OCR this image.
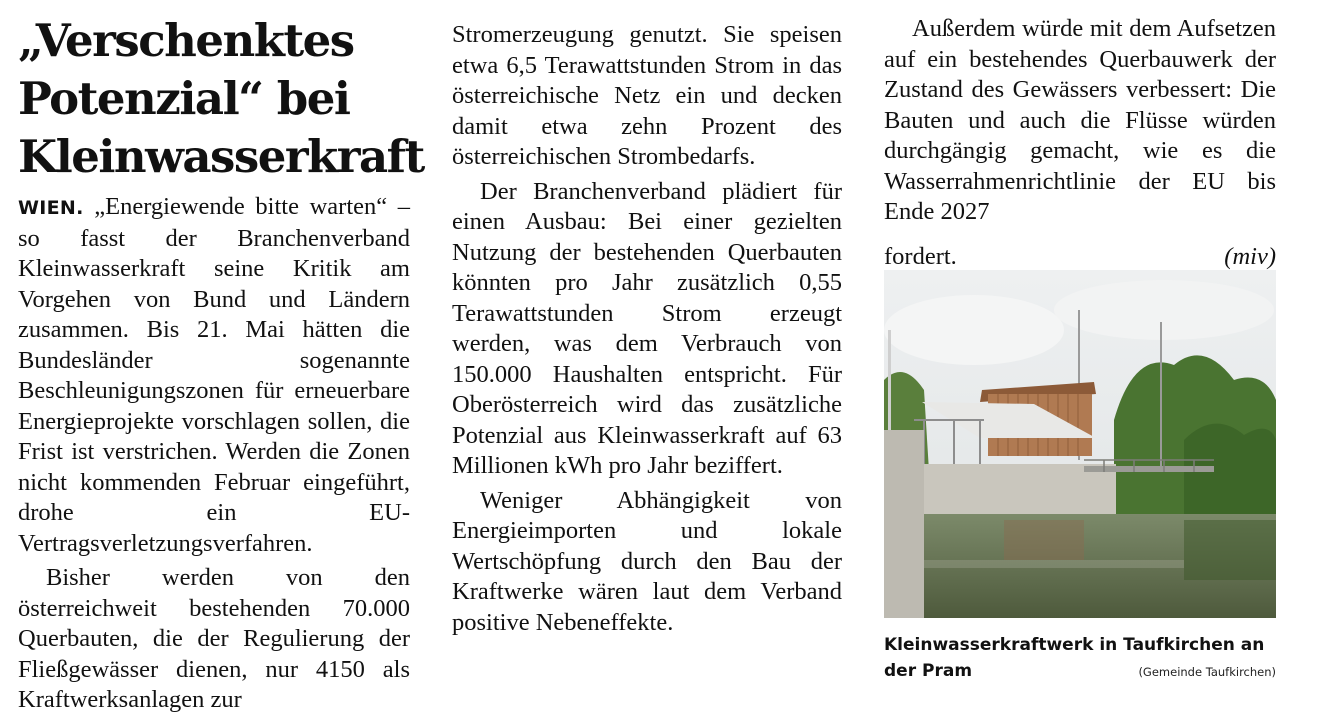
„Verschenktes
Potenzial“ bei
Kleinwasserkraft

WIEN. „Energiewende bitte warten“ – so fasst der Branchenverband Kleinwasserkraft seine Kritik am Vorgehen von Bund und Ländern zusammen. Bis 21. Mai hätten die Bundesländer sogenannte Beschleunigungszonen für erneuerbare Energieprojekte vorschlagen sollen, die Frist ist verstrichen. Werden die Zonen nicht kommenden Februar eingeführt, drohe ein EU-Vertragsverletzungsverfahren.

Bisher werden von den österreichweit bestehenden 70.000 Querbauten, die der Regulierung der Fließgewässer dienen, nur 4150 als Kraftwerksanlagen zur

Stromerzeugung genutzt. Sie speisen etwa 6,5 Terawattstunden Strom in das österreichische Netz ein und decken damit etwa zehn Prozent des österreichischen Strombedarfs.

Der Branchenverband plädiert für einen Ausbau: Bei einer gezielten Nutzung der bestehenden Querbauten könnten pro Jahr zusätzlich 0,55 Terawattstunden Strom erzeugt werden, was dem Verbrauch von 150.000 Haushalten entspricht. Für Oberösterreich wird das zusätzliche Potenzial aus Kleinwasserkraft auf 63 Millionen kWh pro Jahr beziffert.

Weniger Abhängigkeit von Energieimporten und lokale Wertschöpfung durch den Bau der Kraftwerke wären laut dem Verband positive Nebeneffekte.

Außerdem würde mit dem Aufsetzen auf ein bestehendes Querbauwerk der Zustand des Gewässers verbessert: Die Bauten und auch die Flüsse würden durchgängig gemacht, wie es die Wasserrahmenrichtlinie der EU bis Ende 2027

fordert.	(miv)
Kleinwasserkraftwerk in Taufkirchen an
der Pram	(Gemeinde Taufkirchen)
